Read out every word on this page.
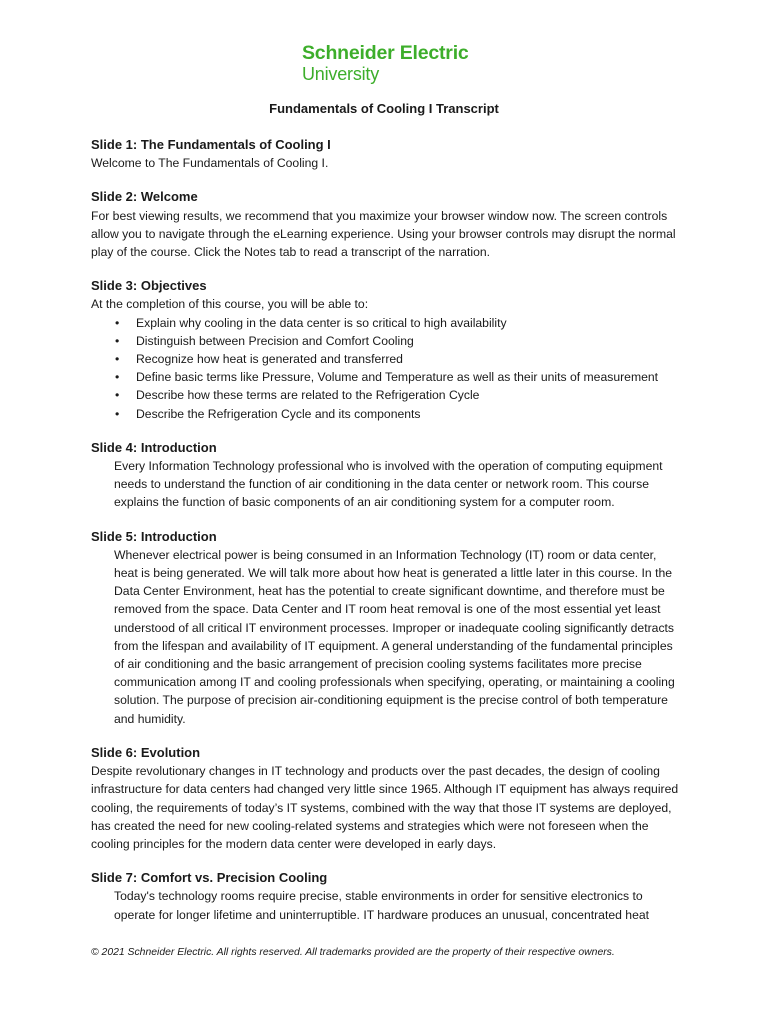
Schneider Electric
University
Fundamentals of Cooling I Transcript
Slide 1: The Fundamentals of Cooling I

Welcome to The Fundamentals of Cooling I.

Slide 2: Welcome

For best viewing results, we recommend that you maximize your browser window now. The screen controls allow you to navigate through the eLearning experience. Using your browser controls may disrupt the normal play of the course. Click the Notes tab to read a transcript of the narration.

Slide 3: Objectives

At the completion of this course, you will be able to:

• Explain why cooling in the data center is so critical to high availability
• Distinguish between Precision and Comfort Cooling
• Recognize how heat is generated and transferred
• Define basic terms like Pressure, Volume and Temperature as well as their units of measurement
• Describe how these terms are related to the Refrigeration Cycle
• Describe the Refrigeration Cycle and its components
Slide 4: Introduction

Every Information Technology professional who is involved with the operation of computing equipment needs to understand the function of air conditioning in the data center or network room. This course explains the function of basic components of an air conditioning system for a computer room.

Slide 5: Introduction

Whenever electrical power is being consumed in an Information Technology (IT) room or data center, heat is being generated. We will talk more about how heat is generated a little later in this course. In the Data Center Environment, heat has the potential to create significant downtime, and therefore must be removed from the space. Data Center and IT room heat removal is one of the most essential yet least understood of all critical IT environment processes. Improper or inadequate cooling significantly detracts from the lifespan and availability of IT equipment. A general understanding of the fundamental principles of air conditioning and the basic arrangement of precision cooling systems facilitates more precise communication among IT and cooling professionals when specifying, operating, or maintaining a cooling solution. The purpose of precision air-conditioning equipment is the precise control of both temperature and humidity.

Slide 6: Evolution

Despite revolutionary changes in IT technology and products over the past decades, the design of cooling infrastructure for data centers had changed very little since 1965. Although IT equipment has always required cooling, the requirements of today’s IT systems, combined with the way that those IT systems are deployed, has created the need for new cooling-related systems and strategies which were not foreseen when the cooling principles for the modern data center were developed in early days.

Slide 7: Comfort vs. Precision Cooling

Today's technology rooms require precise, stable environments in order for sensitive electronics to operate for longer lifetime and uninterruptible. IT hardware produces an unusual, concentrated heat

© 2021 Schneider Electric. All rights reserved. All trademarks provided are the property of their respective owners.
